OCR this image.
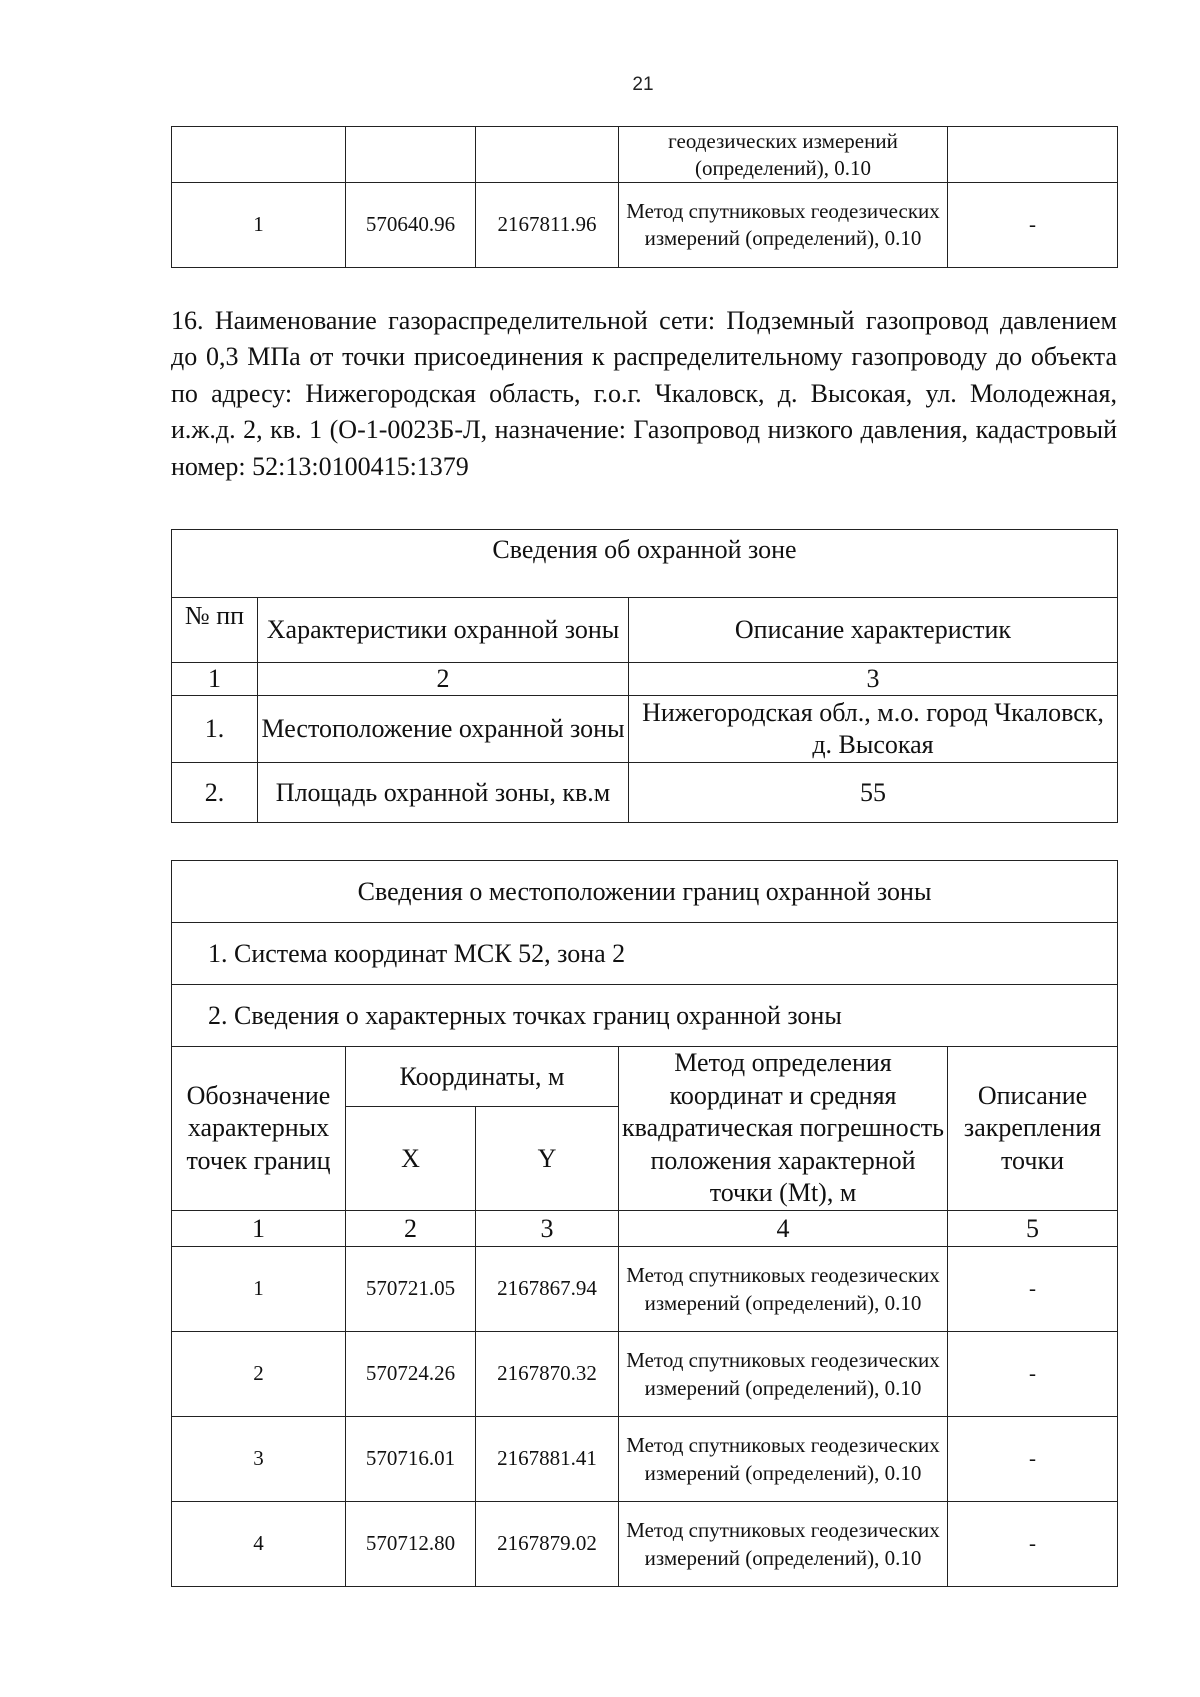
21
			геодезических измерений (определений), 0.10	
1	570640.96	2167811.96	Метод спутниковых геодезических измерений (определений), 0.10	-
16. Наименование газораспределительной сети: Подземный газопровод давлением до 0,3 МПа от точки присоединения к распределительному газопроводу до объекта по адресу: Нижегородская область, г.о.г. Чкаловск, д. Высокая, ул. Молодежная, и.ж.д. 2, кв. 1 (О-1-0023Б-Л, назначение: Газопровод низкого давления, кадастровый номер: 52:13:0100415:1379
Сведения об охранной зоне		
№ пп	Характеристики охранной зоны	Описание характеристик
1	2	3
1.	Местоположение охранной зоны	Нижегородская обл., м.о. город Чкаловск, д. Высокая
2.	Площадь охранной зоны, кв.м	55
Сведения о местоположении границ охранной зоны				
1. Система координат МСК 52, зона 2				
2. Сведения о характерных точках границ охранной зоны				
Обозначение характерных точек границ	Координаты, м		Метод определения координат и средняя квадратическая погрешность положения характерной точки (Mt), м	Описание закрепления точки
	X	Y		
1	2	3	4	5
1	570721.05	2167867.94	Метод спутниковых геодезических измерений (определений), 0.10	-
2	570724.26	2167870.32	Метод спутниковых геодезических измерений (определений), 0.10	-
3	570716.01	2167881.41	Метод спутниковых геодезических измерений (определений), 0.10	-
4	570712.80	2167879.02	Метод спутниковых геодезических измерений (определений), 0.10	-
